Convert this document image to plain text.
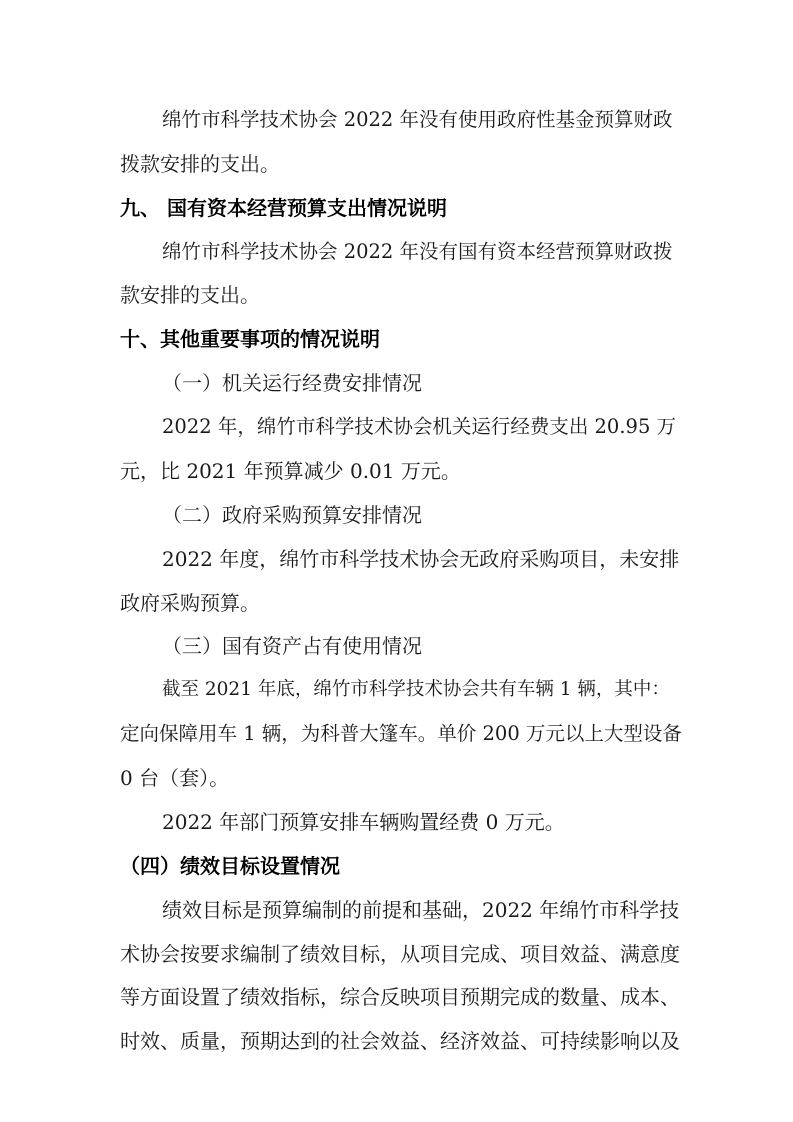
绵竹市科学技术协会 2022 年没有使用政府性基金预算财政
拨款安排的支出。
九、 国有资本经营预算支出情况说明
绵竹市科学技术协会 2022 年没有国有资本经营预算财政拨
款安排的支出。
十、其他重要事项的情况说明
（一）机关运行经费安排情况
2022 年，绵竹市科学技术协会机关运行经费支出 20.95 万
元，比 2021 年预算减少 0.01 万元。
（二）政府采购预算安排情况
2022 年度，绵竹市科学技术协会无政府采购项目，未安排
政府采购预算。
（三）国有资产占有使用情况
截至 2021 年底，绵竹市科学技术协会共有车辆 1 辆，其中：
定向保障用车 1 辆，为科普大篷车。单价 200 万元以上大型设备
0 台（套）。
2022 年部门预算安排车辆购置经费 0 万元。
（四）绩效目标设置情况
绩效目标是预算编制的前提和基础，2022 年绵竹市科学技
术协会按要求编制了绩效目标，从项目完成、项目效益、满意度
等方面设置了绩效指标，综合反映项目预期完成的数量、成本、
时效、质量，预期达到的社会效益、经济效益、可持续影响以及
